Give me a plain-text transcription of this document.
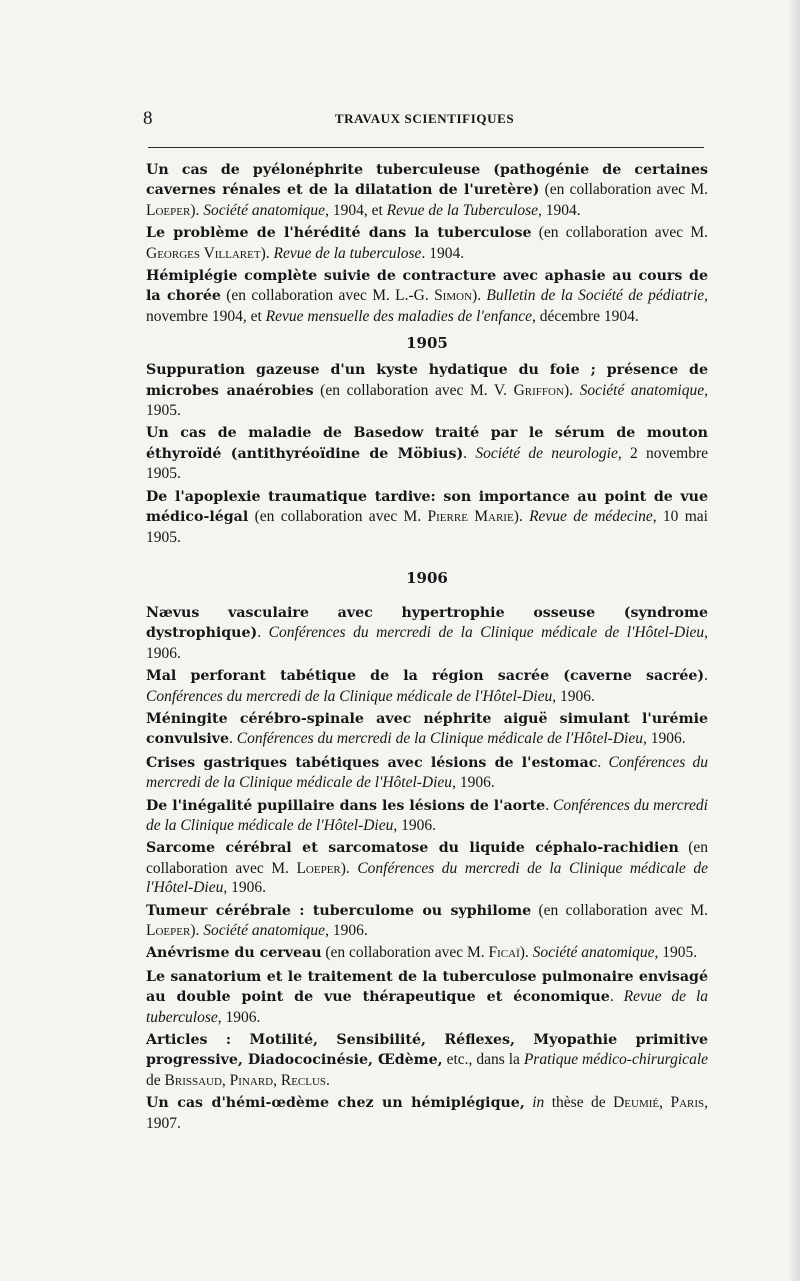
8	TRAVAUX SCIENTIFIQUES

Un cas de pyélonéphrite tuberculeuse (pathogénie de certaines cavernes rénales et de la dilatation de l'uretère) (en collaboration avec M. Loeper). Société anatomique, 1904, et Revue de la Tuberculose, 1904.

Le problème de l'hérédité dans la tuberculose (en collaboration avec M. Georges Villaret). Revue de la tuberculose. 1904.

Hémiplégie complète suivie de contracture avec aphasie au cours de la chorée (en collaboration avec M. L.-G. Simon). Bulletin de la Société de pédiatrie, novembre 1904, et Revue mensuelle des maladies de l'enfance, décembre 1904.

1905

Suppuration gazeuse d'un kyste hydatique du foie ; présence de microbes anaérobies (en collaboration avec M. V. Griffon). Société anatomique, 1905.

Un cas de maladie de Basedow traité par le sérum de mouton éthyroïdé (antithyréoïdine de Möbius). Société de neurologie, 2 novembre 1905.

De l'apoplexie traumatique tardive: son importance au point de vue médico-légal (en collaboration avec M. Pierre Marie). Revue de médecine, 10 mai 1905.

1906

Nævus vasculaire avec hypertrophie osseuse (syndrome dystrophique). Conférences du mercredi de la Clinique médicale de l'Hôtel-Dieu, 1906.

Mal perforant tabétique de la région sacrée (caverne sacrée). Conférences du mercredi de la Clinique médicale de l'Hôtel-Dieu, 1906.

Méningite cérébro-spinale avec néphrite aiguë simulant l'urémie convulsive. Conférences du mercredi de la Clinique médicale de l'Hôtel-Dieu, 1906.

Crises gastriques tabétiques avec lésions de l'estomac. Conférences du mercredi de la Clinique médicale de l'Hôtel-Dieu, 1906.

De l'inégalité pupillaire dans les lésions de l'aorte. Conférences du mercredi de la Clinique médicale de l'Hôtel-Dieu, 1906.

Sarcome cérébral et sarcomatose du liquide céphalo-rachidien (en collaboration avec M. Loeper). Conférences du mercredi de la Clinique médicale de l'Hôtel-Dieu, 1906.

Tumeur cérébrale : tuberculome ou syphilome (en collaboration avec M. Loeper). Société anatomique, 1906.

Anévrisme du cerveau (en collaboration avec M. Ficaï). Société anatomique, 1905.

Le sanatorium et le traitement de la tuberculose pulmonaire envisagé au double point de vue thérapeutique et économique. Revue de la tuberculose, 1906.

Articles : Motilité, Sensibilité, Réflexes, Myopathie primitive progressive, Diadococinésie, Œdème, etc., dans la Pratique médico-chirurgicale de Brissaud, Pinard, Reclus.

Un cas d'hémi-œdème chez un hémiplégique, in thèse de Deumié, Paris, 1907.
